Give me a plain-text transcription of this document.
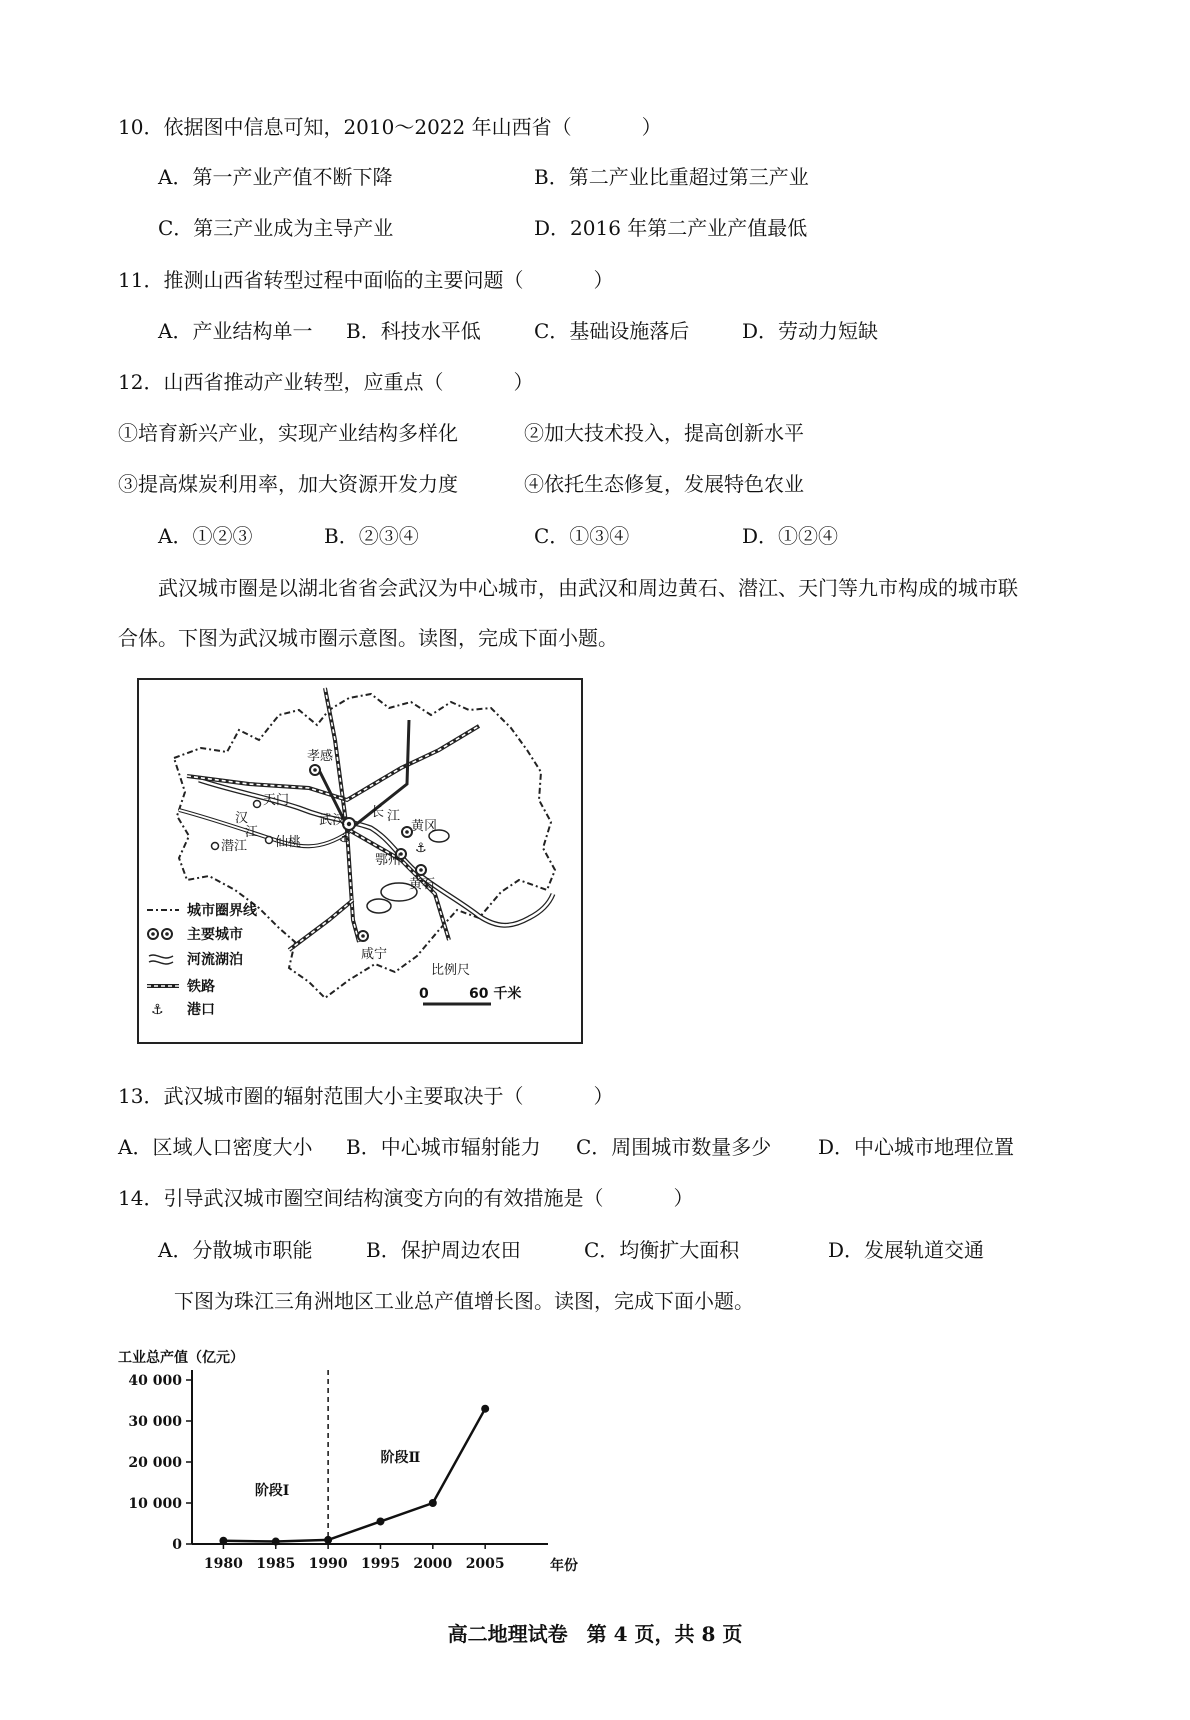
10．依据图中信息可知，2010～2022 年山西省（	）
A．第一产业产值不断下降	B．第二产业比重超过第三产业
C．第三产业成为主导产业	D．2016 年第二产业产值最低
11．推测山西省转型过程中面临的主要问题（	）
A．产业结构单一 B．科技水平低	C．基础设施落后	D．劳动力短缺
12．山西省推动产业转型，应重点（	）
①培育新兴产业，实现产业结构多样化	②加大技术投入，提高创新水平
③提高煤炭利用率，加大资源开发力度	④依托生态修复，发展特色农业
A．①②③	B．②③④	C．①③④	D．①②④
武汉城市圈是以湖北省省会武汉为中心城市，由武汉和周边黄石、潜江、天门等九市构成的城市联
合体。下图为武汉城市圈示意图。读图，完成下面小题。
⚓
⚓
孝感
武汉	黄冈
鄂州
黄石
咸宁
天门
仙桃
潜江
汉
江
长 江
城市圈界线
主要城市
河流湖泊
铁路
⚓ 港口
比例尺
0	60 千米
13．武汉城市圈的辐射范围大小主要取决于（	）
A．区域人口密度大小 B．中心城市辐射能力 C．周围城市数量多少 D．中心城市地理位置
14．引导武汉城市圈空间结构演变方向的有效措施是（	）
A．分散城市职能	B．保护周边农田	C．均衡扩大面积	D．发展轨道交通
下图为珠江三角洲地区工业总产值增长图。读图，完成下面小题。
工业总产值（亿元）
40 000
30 000
20 000
10 000
0
1980 1985 1990 1995 2000 2005	年份
阶段Ⅰ
阶段Ⅱ
高二地理试卷 第 4 页，共 8 页
